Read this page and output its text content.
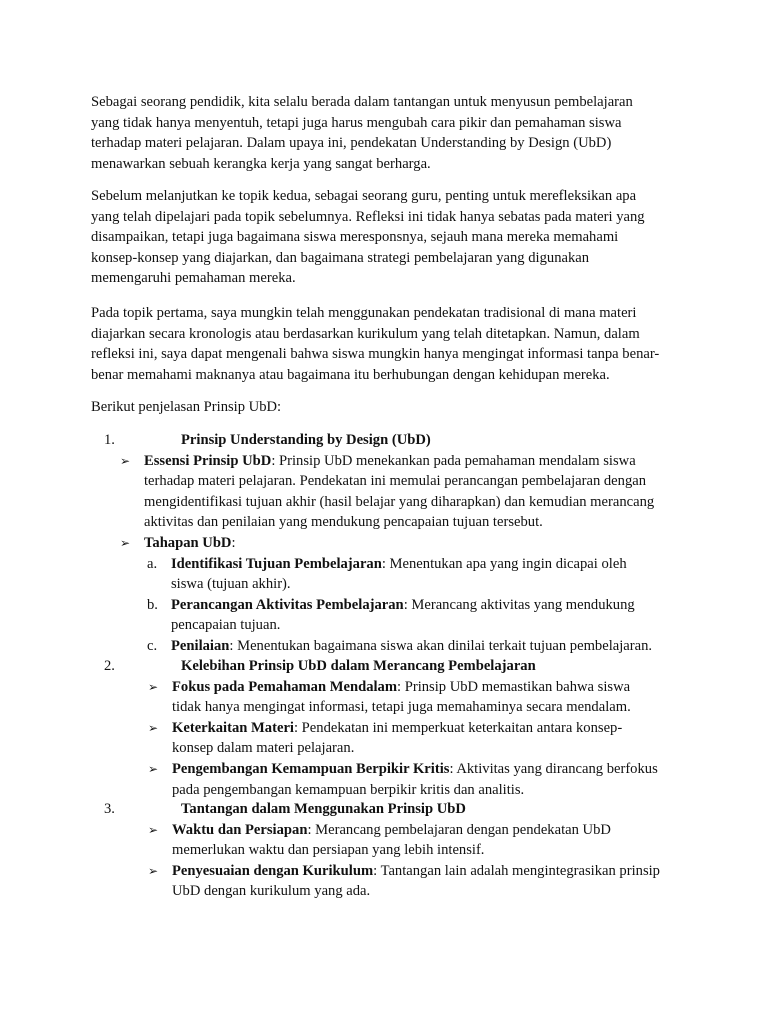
Sebagai seorang pendidik, kita selalu berada dalam tantangan untuk menyusun pembelajaran
yang tidak hanya menyentuh, tetapi juga harus mengubah cara pikir dan pemahaman siswa
terhadap materi pelajaran. Dalam upaya ini, pendekatan Understanding by Design (UbD)
menawarkan sebuah kerangka kerja yang sangat berharga.
Sebelum melanjutkan ke topik kedua, sebagai seorang guru, penting untuk merefleksikan apa
yang telah dipelajari pada topik sebelumnya. Refleksi ini tidak hanya sebatas pada materi yang
disampaikan, tetapi juga bagaimana siswa meresponsnya, sejauh mana mereka memahami
konsep-konsep yang diajarkan, dan bagaimana strategi pembelajaran yang digunakan
memengaruhi pemahaman mereka.
Pada topik pertama, saya mungkin telah menggunakan pendekatan tradisional di mana materi
diajarkan secara kronologis atau berdasarkan kurikulum yang telah ditetapkan. Namun, dalam
refleksi ini, saya dapat mengenali bahwa siswa mungkin hanya mengingat informasi tanpa benar-
benar memahami maknanya atau bagaimana itu berhubungan dengan kehidupan mereka.
Berikut penjelasan Prinsip UbD:
1.	Prinsip Understanding by Design (UbD)
➢ Essensi Prinsip UbD: Prinsip UbD menekankan pada pemahaman mendalam siswa
terhadap materi pelajaran. Pendekatan ini memulai perancangan pembelajaran dengan
mengidentifikasi tujuan akhir (hasil belajar yang diharapkan) dan kemudian merancang
aktivitas dan penilaian yang mendukung pencapaian tujuan tersebut.
➢ Tahapan UbD:
a. Identifikasi Tujuan Pembelajaran: Menentukan apa yang ingin dicapai oleh
siswa (tujuan akhir).
b. Perancangan Aktivitas Pembelajaran: Merancang aktivitas yang mendukung
pencapaian tujuan.
c. Penilaian: Menentukan bagaimana siswa akan dinilai terkait tujuan pembelajaran.
2.	Kelebihan Prinsip UbD dalam Merancang Pembelajaran
➢ Fokus pada Pemahaman Mendalam: Prinsip UbD memastikan bahwa siswa
tidak hanya mengingat informasi, tetapi juga memahaminya secara mendalam.
➢ Keterkaitan Materi: Pendekatan ini memperkuat keterkaitan antara konsep-
konsep dalam materi pelajaran.
➢ Pengembangan Kemampuan Berpikir Kritis: Aktivitas yang dirancang berfokus
pada pengembangan kemampuan berpikir kritis dan analitis.
3.	Tantangan dalam Menggunakan Prinsip UbD
➢ Waktu dan Persiapan: Merancang pembelajaran dengan pendekatan UbD
memerlukan waktu dan persiapan yang lebih intensif.
➢ Penyesuaian dengan Kurikulum: Tantangan lain adalah mengintegrasikan prinsip
UbD dengan kurikulum yang ada.
